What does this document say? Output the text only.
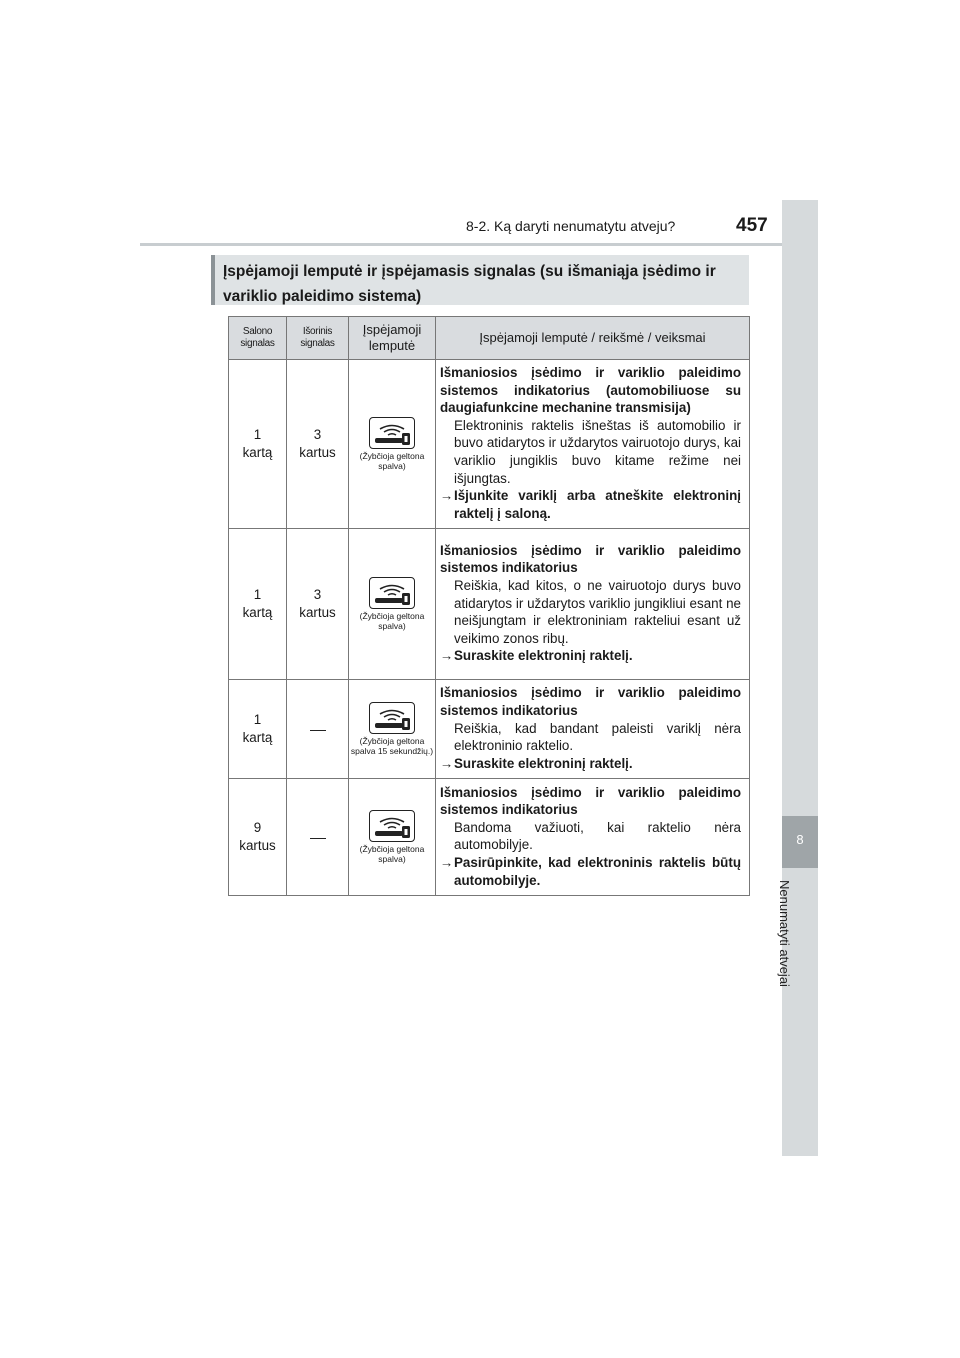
8-2. Ką daryti nenumatytu atveju?	457
8
Nenumatyti atvejai
Įspėjamoji lemputė ir įspėjamasis signalas (su išmaniąja įsėdimo ir variklio paleidimo sistema)
Salono signalas	Išorinis signalas	Įspėjamoji lemputė	Įspėjamoji lemputė / reikšmė / veiksmai

1 kartą	3 kartus	(Žybčioja geltona spalva)	Išmaniosios įsėdimo ir variklio paleidimo sistemos indikatorius (automobiliuose su daugiafunkcine mechanine transmisija)
Elektroninis raktelis išneštas iš automobilio ir buvo atidarytos ir uždarytos vairuotojo durys, kai variklio jungiklis buvo kitame režime nei išjungtas.
→Išjunkite variklį arba atneškite elektroninį raktelį į saloną.

1 kartą	3 kartus	(Žybčioja geltona spalva)	Išmaniosios įsėdimo ir variklio paleidimo sistemos indikatorius
Reiškia, kad kitos, o ne vairuotojo durys buvo atidarytos ir uždarytos variklio jungikliui esant ne neišjungtam ir elektroniniam rakteliui esant už veikimo zonos ribų.
→Suraskite elektroninį raktelį.

1 kartą		(Žybčioja geltona spalva 15 sekundžių.)	Išmaniosios įsėdimo ir variklio paleidimo sistemos indikatorius
Reiškia, kad bandant paleisti variklį nėra elektroninio raktelio.
→Suraskite elektroninį raktelį.

9 kartus		(Žybčioja geltona spalva)	Išmaniosios įsėdimo ir variklio paleidimo sistemos indikatorius
Bandoma važiuoti, kai raktelio nėra automobilyje.
→Pasirūpinkite, kad elektroninis raktelis būtų automobilyje.
